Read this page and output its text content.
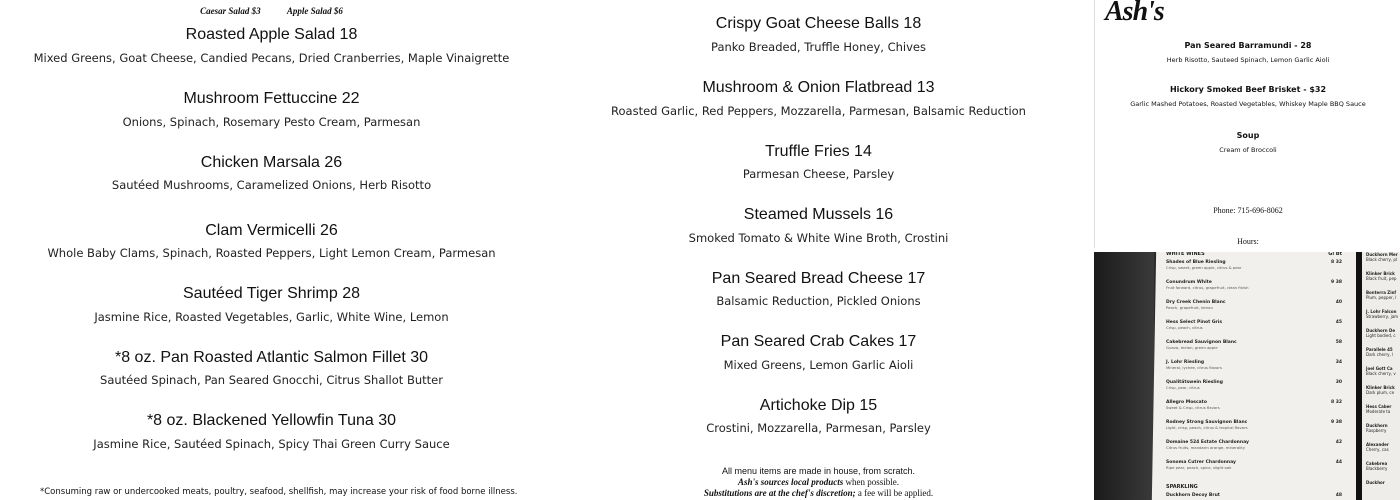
Caesar Salad $3	Apple Salad $6
Roasted Apple Salad 18
Mixed Greens, Goat Cheese, Candied Pecans, Dried Cranberries, Maple Vinaigrette
Mushroom Fettuccine 22
Onions, Spinach, Rosemary Pesto Cream, Parmesan
Chicken Marsala 26
Sautéed Mushrooms, Caramelized Onions, Herb Risotto
Clam Vermicelli 26
Whole Baby Clams, Spinach, Roasted Peppers, Light Lemon Cream, Parmesan
Sautéed Tiger Shrimp 28
Jasmine Rice, Roasted Vegetables, Garlic, White Wine, Lemon
*8 oz. Pan Roasted Atlantic Salmon Fillet 30
Sautéed Spinach, Pan Seared Gnocchi, Citrus Shallot Butter
*8 oz. Blackened Yellowfin Tuna 30
Jasmine Rice, Sautéed Spinach, Spicy Thai Green Curry Sauce
*Consuming raw or undercooked meats, poultry, seafood, shellfish, may increase your risk of food borne illness.
Crispy Goat Cheese Balls 18
Panko Breaded, Truffle Honey, Chives
Mushroom & Onion Flatbread 13
Roasted Garlic, Red Peppers, Mozzarella, Parmesan, Balsamic Reduction
Truffle Fries 14
Parmesan Cheese, Parsley
Steamed Mussels 16
Smoked Tomato & White Wine Broth, Crostini
Pan Seared Bread Cheese 17
Balsamic Reduction, Pickled Onions
Pan Seared Crab Cakes 17
Mixed Greens, Lemon Garlic Aioli
Artichoke Dip 15
Crostini, Mozzarella, Parmesan, Parsley
All menu items are made in house, from scratch.
Ash's sources local products when possible.
Substitutions are at the chef's discretion; a fee will be applied.
Ash's
Pan Seared Barramundi - 28
Herb Risotto, Sauteed Spinach, Lemon Garlic Aioli
Hickory Smoked Beef Brisket - $32
Garlic Mashed Potatoes, Roasted Vegetables, Whiskey Maple BBQ Sauce
Soup
Cream of Broccoli
Phone: 715-696-8062
Hours:
WHITE WINES	Gl Bt
Shades of Blue Riesling	8 32
Crisp, sweet, green apple, citrus & pear
Conundrum White	9 38
Fruit forward, citrus, grapefruit, clean finish
Dry Creek Chenin Blanc	40
Peach, grapefruit, lemon
Hess Select Pinot Gris	45
Crisp, peach, citrus
Cakebread Sauvignon Blanc	58
Guava, melon, green apple
J. Lohr Riesling	34
Mineral, lychee, citrus flavors
Qualitätswein Riesling	30
Crisp, pear, citrus
Allegro Moscato	8 32
Sweet & Crisp, citrus flavors
Rodney Strong Sauvignon Blanc	9 38
Light, crisp, peach, citrus & tropical flavors
Domaine 524 Estate Chardonnay	42
Citrus fruits, mandarin orange, minerality
Sonoma Cutrer Chardonnay	44
Ripe pear, peach, spice, slight oak
SPARKLING
Duckhorn Decoy Brut	48
Duckhorn Mer
Black cherry, pl
Klinker Brick
Black fruit, pep
Bonterra Zinf
Plum, pepper, l
J. Lohr Falcon
Strawberry, jam
Duckhorn De
Light bodied, c
Parallele 45
Dark cherry, l
Joel Gott Ca
Black cherry, v
Klinker Brick
Dark plum, ce
Hess Caber
Moderate ta
Duckhorn
Raspberry
Alexander
Cherry, cas
Cakebrea
Blackberry
Duckhor
